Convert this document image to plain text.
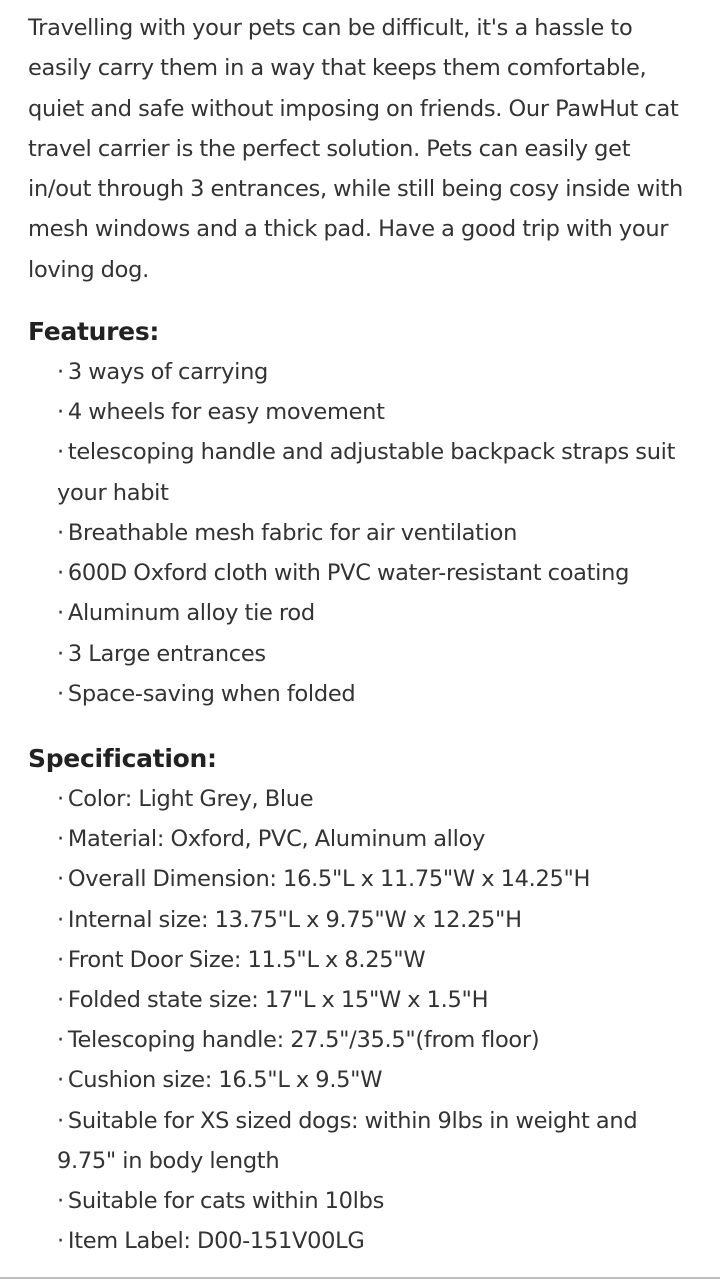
Travelling with your pets can be difficult, it's a hassle to easily carry them in a way that keeps them comfortable, quiet and safe without imposing on friends. Our PawHut cat travel carrier is the perfect solution. Pets can easily get in/out through 3 entrances, while still being cosy inside with mesh windows and a thick pad. Have a good trip with your loving dog.

Features:
· 3 ways of carrying
· 4 wheels for easy movement
· telescoping handle and adjustable backpack straps suit your habit
· Breathable mesh fabric for air ventilation
· 600D Oxford cloth with PVC water-resistant coating
· Aluminum alloy tie rod
· 3 Large entrances
· Space-saving when folded
Specification:
· Color: Light Grey, Blue
· Material: Oxford, PVC, Aluminum alloy
· Overall Dimension: 16.5"L x 11.75"W x 14.25"H
· Internal size: 13.75"L x 9.75"W x 12.25"H
· Front Door Size: 11.5"L x 8.25"W
· Folded state size: 17"L x 15"W x 1.5"H
· Telescoping handle: 27.5"/35.5"(from floor)
· Cushion size: 16.5"L x 9.5"W
· Suitable for XS sized dogs: within 9lbs in weight and 9.75" in body length
· Suitable for cats within 10lbs
· Item Label: D00-151V00LG
